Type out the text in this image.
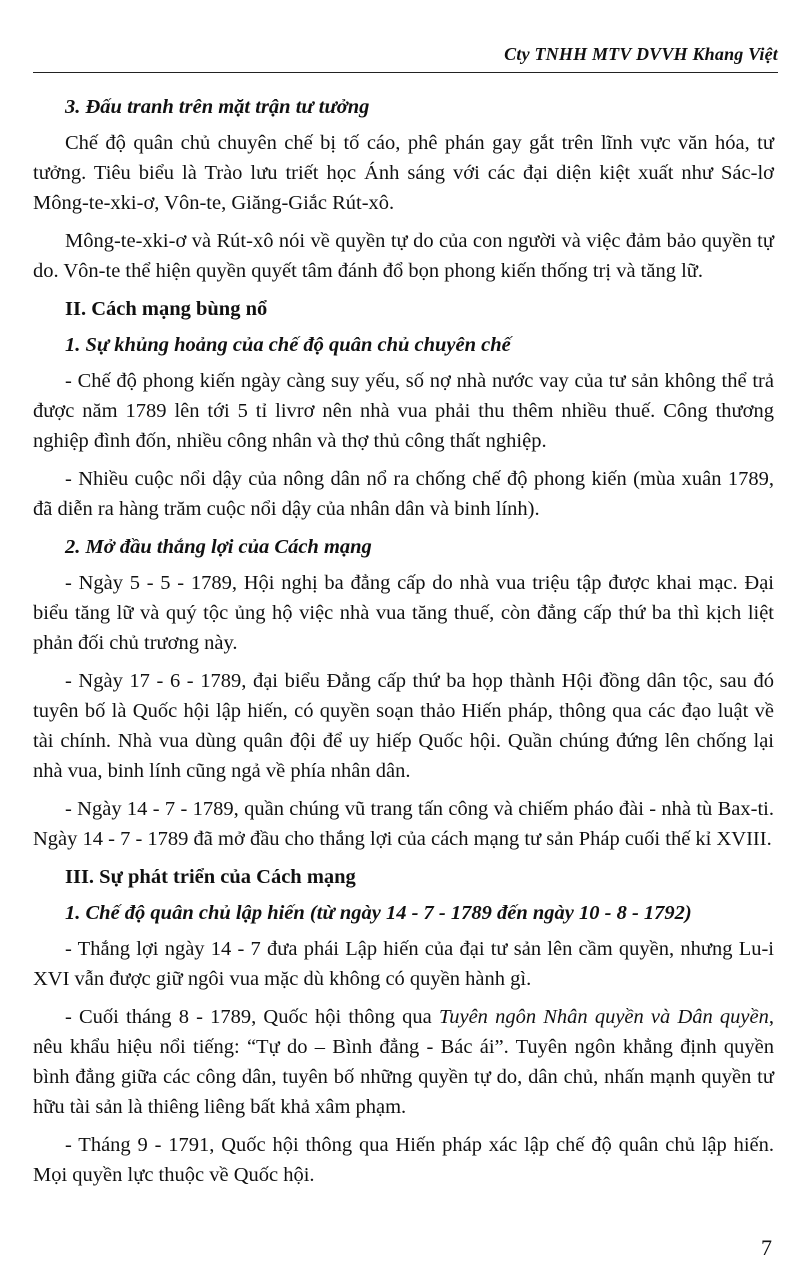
Cty TNHH MTV DVVH Khang Việt
3. Đấu tranh trên mặt trận tư tưởng

Chế độ quân chủ chuyên chế bị tố cáo, phê phán gay gắt trên lĩnh vực văn hóa, tư tưởng. Tiêu biểu là Trào lưu triết học Ánh sáng với các đại diện kiệt xuất như Sác-lơ Mông-te-xki-ơ, Vôn-te, Giăng-Giắc Rút-xô.

Mông-te-xki-ơ và Rút-xô nói về quyền tự do của con người và việc đảm bảo quyền tự do. Vôn-te thể hiện quyền quyết tâm đánh đổ bọn phong kiến thống trị và tăng lữ.

II. Cách mạng bùng nổ
1. Sự khủng hoảng của chế độ quân chủ chuyên chế

- Chế độ phong kiến ngày càng suy yếu, số nợ nhà nước vay của tư sản không thể trả được năm 1789 lên tới 5 tỉ livrơ nên nhà vua phải thu thêm nhiều thuế. Công thương nghiệp đình đốn, nhiều công nhân và thợ thủ công thất nghiệp.

- Nhiều cuộc nổi dậy của nông dân nổ ra chống chế độ phong kiến (mùa xuân 1789, đã diễn ra hàng trăm cuộc nổi dậy của nhân dân và binh lính).

2. Mở đầu thắng lợi của Cách mạng

- Ngày 5 - 5 - 1789, Hội nghị ba đẳng cấp do nhà vua triệu tập được khai mạc. Đại biểu tăng lữ và quý tộc ủng hộ việc nhà vua tăng thuế, còn đẳng cấp thứ ba thì kịch liệt phản đối chủ trương này.

- Ngày 17 - 6 - 1789, đại biểu Đẳng cấp thứ ba họp thành Hội đồng dân tộc, sau đó tuyên bố là Quốc hội lập hiến, có quyền soạn thảo Hiến pháp, thông qua các đạo luật về tài chính. Nhà vua dùng quân đội để uy hiếp Quốc hội. Quần chúng đứng lên chống lại nhà vua, binh lính cũng ngả về phía nhân dân.

- Ngày 14 - 7 - 1789, quần chúng vũ trang tấn công và chiếm pháo đài - nhà tù Bax-ti. Ngày 14 - 7 - 1789 đã mở đầu cho thắng lợi của cách mạng tư sản Pháp cuối thế kỉ XVIII.

III. Sự phát triển của Cách mạng
1. Chế độ quân chủ lập hiến (từ ngày 14 - 7 - 1789 đến ngày 10 - 8 - 1792)

- Thắng lợi ngày 14 - 7 đưa phái Lập hiến của đại tư sản lên cầm quyền, nhưng Lu-i XVI vẫn được giữ ngôi vua mặc dù không có quyền hành gì.

- Cuối tháng 8 - 1789, Quốc hội thông qua Tuyên ngôn Nhân quyền và Dân quyền, nêu khẩu hiệu nổi tiếng: “Tự do – Bình đẳng - Bác ái”. Tuyên ngôn khẳng định quyền bình đẳng giữa các công dân, tuyên bố những quyền tự do, dân chủ, nhấn mạnh quyền tư hữu tài sản là thiêng liêng bất khả xâm phạm.

- Tháng 9 - 1791, Quốc hội thông qua Hiến pháp xác lập chế độ quân chủ lập hiến. Mọi quyền lực thuộc về Quốc hội.

7
